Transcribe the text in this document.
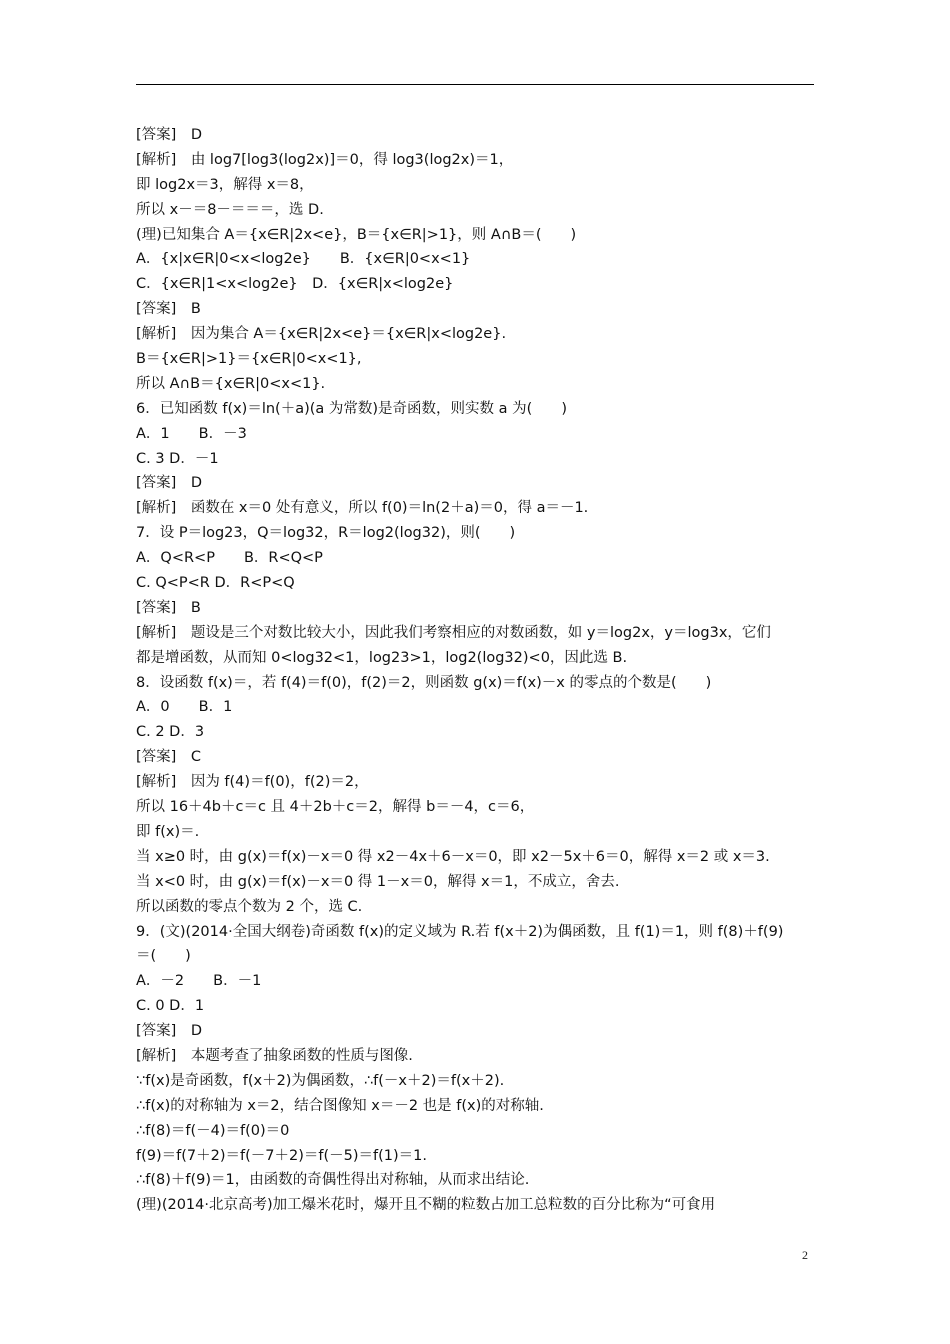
[答案]　D
[解析]　由 log7[log3(log2x)]＝0，得 log3(log2x)＝1，
即 log2x＝3，解得 x＝8，
所以 x－＝8－＝＝＝，选 D.
(理)已知集合 A＝{x∈R|2x<e}，B＝{x∈R|>1}，则 A∩B＝(　　)
A．{x|x∈R|0<x<log2e}　　B．{x∈R|0<x<1}
C．{x∈R|1<x<log2e}　D．{x∈R|x<log2e}
[答案]　B
[解析]　因为集合 A＝{x∈R|2x<e}＝{x∈R|x<log2e}.
B＝{x∈R|>1}＝{x∈R|0<x<1},
所以 A∩B＝{x∈R|0<x<1}.
6．已知函数 f(x)＝ln(＋a)(a 为常数)是奇函数，则实数 a 为(　　)
A．1　　B．－3
C. 3 D．－1
[答案]　D
[解析]　函数在 x＝0 处有意义，所以 f(0)＝ln(2＋a)＝0，得 a＝－1.
7．设 P＝log23，Q＝log32，R＝log2(log32)，则(　　)
A．Q<R<P　　B．R<Q<P
C. Q<P<R D．R<P<Q
[答案]　B
[解析]　题设是三个对数比较大小，因此我们考察相应的对数函数，如 y＝log2x，y＝log3x，它们
都是增函数，从而知 0<log32<1，log23>1，log2(log32)<0，因此选 B.
8．设函数 f(x)＝，若 f(4)＝f(0)，f(2)＝2，则函数 g(x)＝f(x)－x 的零点的个数是(　　)
A．0　　B．1
C. 2 D．3
[答案]　C
[解析]　因为 f(4)＝f(0)，f(2)＝2，
所以 16＋4b＋c＝c 且 4＋2b＋c＝2，解得 b＝－4，c＝6，
即 f(x)＝.
当 x≥0 时，由 g(x)＝f(x)－x＝0 得 x2－4x＋6－x＝0，即 x2－5x＋6＝0，解得 x＝2 或 x＝3.
当 x<0 时，由 g(x)＝f(x)－x＝0 得 1－x＝0，解得 x＝1，不成立，舍去.
所以函数的零点个数为 2 个，选 C.
9．(文)(2014·全国大纲卷)奇函数 f(x)的定义域为 R.若 f(x＋2)为偶函数，且 f(1)＝1，则 f(8)＋f(9)
＝(　　)
A．－2　　B．－1
C. 0 D．1
[答案]　D
[解析]　本题考查了抽象函数的性质与图像.
∵f(x)是奇函数，f(x＋2)为偶函数，∴f(－x＋2)＝f(x＋2).
∴f(x)的对称轴为 x＝2，结合图像知 x＝－2 也是 f(x)的对称轴.
∴f(8)＝f(－4)＝f(0)＝0
f(9)＝f(7＋2)＝f(－7＋2)＝f(－5)＝f(1)＝1.
∴f(8)＋f(9)＝1，由函数的奇偶性得出对称轴，从而求出结论.
(理)(2014·北京高考)加工爆米花时，爆开且不糊的粒数占加工总粒数的百分比称为“可食用
2
